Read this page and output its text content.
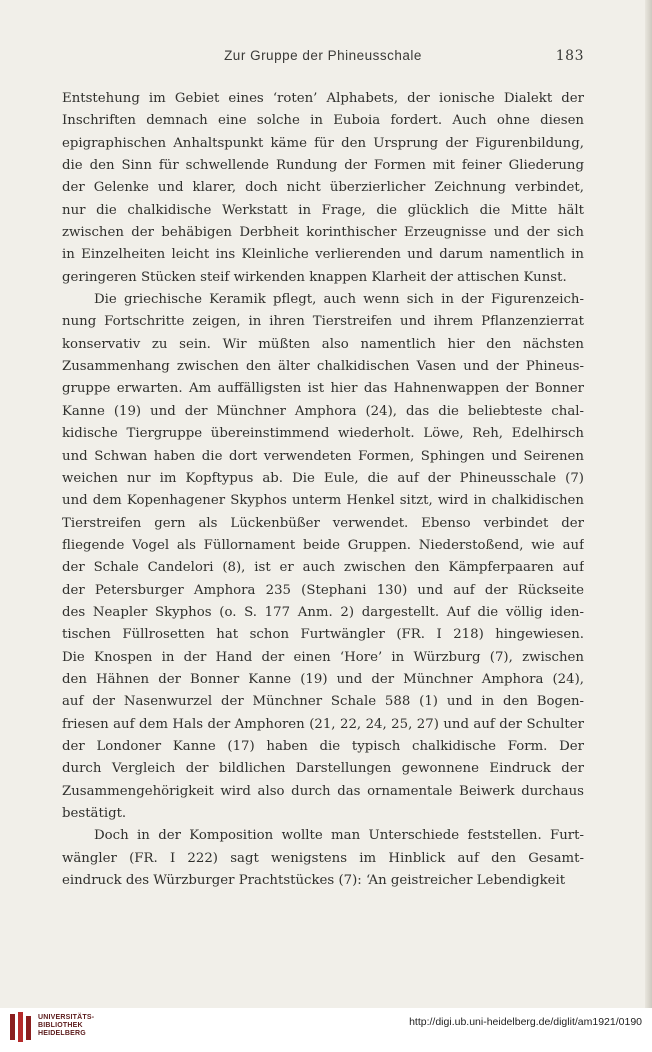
Zur Gruppe der Phineusschale	183

Entstehung im Gebiet eines ‘roten’ Alphabets, der ionische Dialekt der
Inschriften demnach eine solche in Euboia fordert. Auch ohne diesen
epigraphischen Anhaltspunkt käme für den Ursprung der Figurenbildung,
die den Sinn für schwellende Rundung der Formen mit feiner Gliederung
der Gelenke und klarer, doch nicht überzierlicher Zeichnung verbindet,
nur die chalkidische Werkstatt in Frage, die glücklich die Mitte hält
zwischen der behäbigen Derbheit korinthischer Erzeugnisse und der sich
in Einzelheiten leicht ins Kleinliche verlierenden und darum namentlich in
geringeren Stücken steif wirkenden knappen Klarheit der attischen Kunst.

Die griechische Keramik pflegt, auch wenn sich in der Figurenzeich-
nung Fortschritte zeigen, in ihren Tierstreifen und ihrem Pflanzenzierrat
konservativ zu sein. Wir müßten also namentlich hier den nächsten
Zusammenhang zwischen den älter chalkidischen Vasen und der Phineus-
gruppe erwarten. Am auffälligsten ist hier das Hahnenwappen der Bonner
Kanne (19) und der Münchner Amphora (24), das die beliebteste chal-
kidische Tiergruppe übereinstimmend wiederholt. Löwe, Reh, Edelhirsch
und Schwan haben die dort verwendeten Formen, Sphingen und Seirenen
weichen nur im Kopftypus ab. Die Eule, die auf der Phineusschale (7)
und dem Kopenhagener Skyphos unterm Henkel sitzt, wird in chalkidischen
Tierstreifen gern als Lückenbüßer verwendet. Ebenso verbindet der
fliegende Vogel als Füllornament beide Gruppen. Niederstoßend, wie auf
der Schale Candelori (8), ist er auch zwischen den Kämpferpaaren auf
der Petersburger Amphora 235 (Stephani 130) und auf der Rückseite
des Neapler Skyphos (o. S. 177 Anm. 2) dargestellt. Auf die völlig iden-
tischen Füllrosetten hat schon Furtwängler (FR. I 218) hingewiesen.
Die Knospen in der Hand der einen ‘Hore’ in Würzburg (7), zwischen
den Hähnen der Bonner Kanne (19) und der Münchner Amphora (24),
auf der Nasenwurzel der Münchner Schale 588 (1) und in den Bogen-
friesen auf dem Hals der Amphoren (21, 22, 24, 25, 27) und auf der Schulter
der Londoner Kanne (17) haben die typisch chalkidische Form. Der
durch Vergleich der bildlichen Darstellungen gewonnene Eindruck der
Zusammengehörigkeit wird also durch das ornamentale Beiwerk durchaus
bestätigt.

Doch in der Komposition wollte man Unterschiede feststellen. Furt-
wängler (FR. I 222) sagt wenigstens im Hinblick auf den Gesamt-
eindruck des Würzburger Prachtstückes (7): ‘An geistreicher Lebendigkeit

UNIVERSITÄTS-
BIBLIOTHEK
HEIDELBERG
http://digi.ub.uni-heidelberg.de/diglit/am1921/0190
